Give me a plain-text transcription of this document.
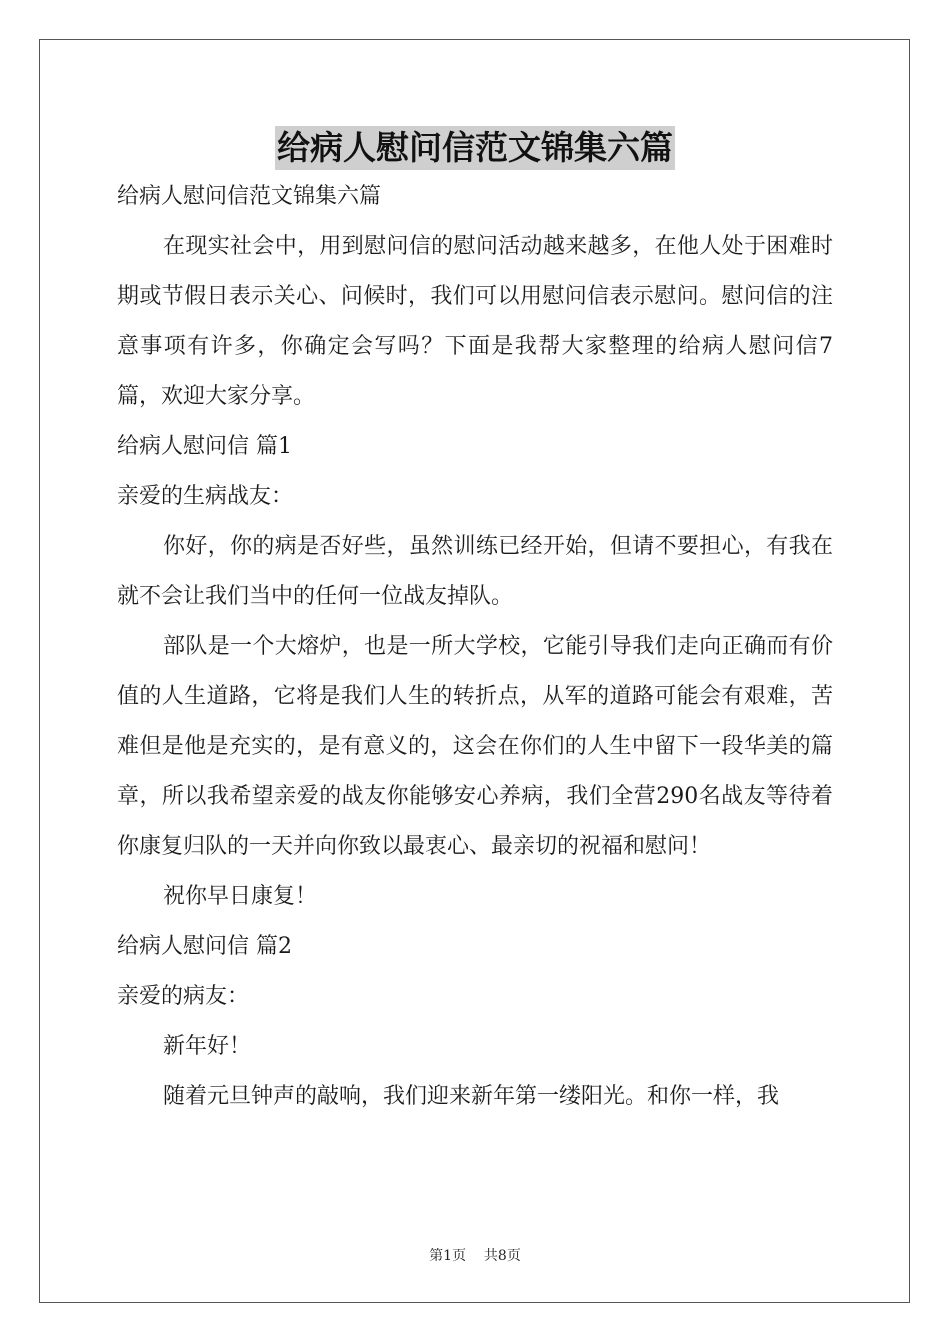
给病人慰问信范文锦集六篇

给病人慰问信范文锦集六篇

在现实社会中，用到慰问信的慰问活动越来越多，在他人处于困难时期或节假日表示关心、问候时，我们可以用慰问信表示慰问。慰问信的注意事项有许多，你确定会写吗？下面是我帮大家整理的给病人慰问信7篇，欢迎大家分享。

给病人慰问信 篇1

亲爱的生病战友：

你好，你的病是否好些，虽然训练已经开始，但请不要担心，有我在就不会让我们当中的任何一位战友掉队。

部队是一个大熔炉，也是一所大学校，它能引导我们走向正确而有价值的人生道路，它将是我们人生的转折点，从军的道路可能会有艰难，苦难但是他是充实的，是有意义的，这会在你们的人生中留下一段华美的篇章，所以我希望亲爱的战友你能够安心养病，我们全营290名战友等待着你康复归队的一天并向你致以最衷心、最亲切的祝福和慰问！

祝你早日康复！

给病人慰问信 篇2

亲爱的病友：

新年好！

随着元旦钟声的敲响，我们迎来新年第一缕阳光。和你一样，我

第1页 共8页
